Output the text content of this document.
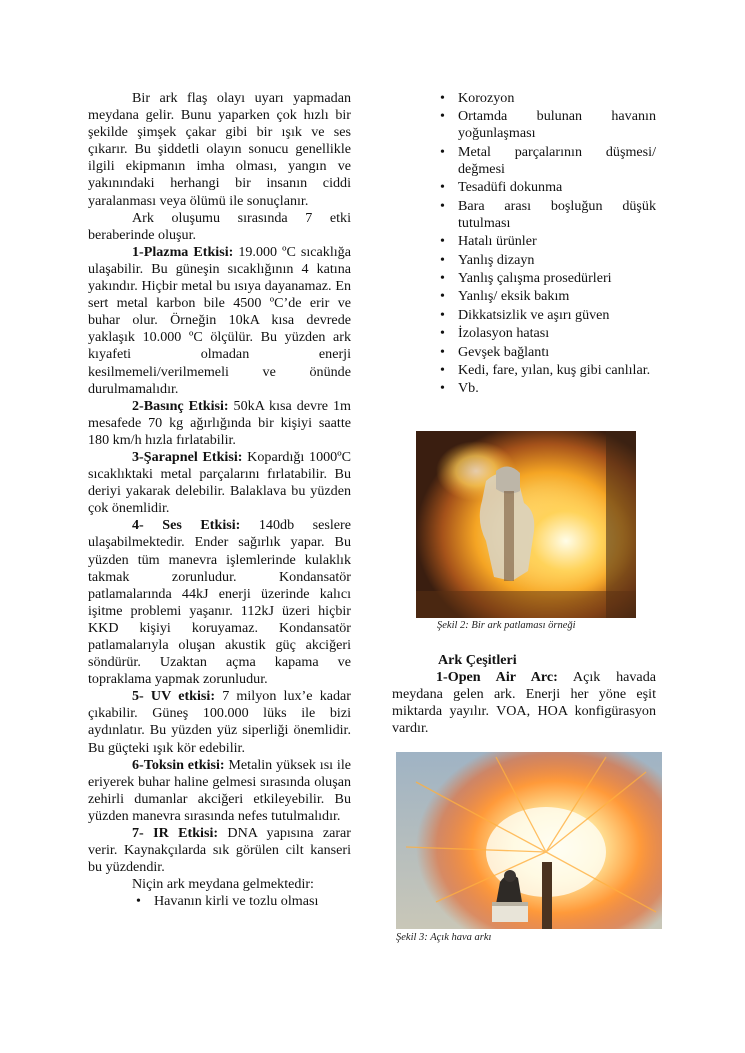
Bir ark flaş olayı uyarı yapmadan meydana gelir. Bunu yaparken çok hızlı bir şekilde şimşek çakar gibi bir ışık ve ses çıkarır. Bu şiddetli olayın sonucu genellikle ilgili ekipmanın imha olması, yangın ve yakınındaki herhangi bir insanın ciddi yaralanması veya ölümü ile sonuçlanır.

Ark oluşumu sırasında 7 etki beraberinde oluşur.

1-Plazma Etkisi: 19.000 ºC sıcaklığa ulaşabilir. Bu güneşin sıcaklığının 4 katına yakındır. Hiçbir metal bu ısıya dayanamaz. En sert metal karbon bile 4500 ºC’de erir ve buhar olur. Örneğin 10kA kısa devrede yaklaşık 10.000 ºC ölçülür. Bu yüzden ark kıyafeti olmadan enerji kesilmemeli/verilmemeli ve önünde durulmamalıdır.

2-Basınç Etkisi: 50kA kısa devre 1m mesafede 70 kg ağırlığında bir kişiyi saatte 180 km/h hızla fırlatabilir.

3-Şarapnel Etkisi: Kopardığı 1000ºC sıcaklıktaki metal parçalarını fırlatabilir. Bu deriyi yakarak delebilir. Balaklava bu yüzden çok önemlidir.

4- Ses Etkisi: 140db seslere ulaşabilmektedir. Ender sağırlık yapar. Bu yüzden tüm manevra işlemlerinde kulaklık takmak zorunludur. Kondansatör patlamalarında 44kJ enerji üzerinde kalıcı işitme problemi yaşanır. 112kJ üzeri hiçbir KKD kişiyi koruyamaz. Kondansatör patlamalarıyla oluşan akustik güç akciğeri söndürür. Uzaktan açma kapama ve topraklama yapmak zorunludur.

5- UV etkisi: 7 milyon lux’e kadar çıkabilir. Güneş 100.000 lüks ile bizi aydınlatır. Bu yüzden yüz siperliği önemlidir. Bu güçteki ışık kör edebilir.

6-Toksin etkisi: Metalin yüksek ısı ile eriyerek buhar haline gelmesi sırasında oluşan zehirli dumanlar akciğeri etkileyebilir. Bu yüzden manevra sırasında nefes tutulmalıdır.

7- IR Etkisi: DNA yapısına zarar verir. Kaynakçılarda sık görülen cilt kanseri bu yüzdendir.

Niçin ark meydana gelmektedir:

• Havanın kirli ve tozlu olması
• Korozyon
• Ortamda bulunan havanın yoğunlaşması
• Metal parçalarının düşmesi/ değmesi
• Tesadüfi dokunma
• Bara arası boşluğun düşük tutulması
• Hatalı ürünler
• Yanlış dizayn
• Yanlış çalışma prosedürleri
• Yanlış/ eksik bakım
• Dikkatsizlik ve aşırı güven
• İzolasyon hatası
• Gevşek bağlantı
• Kedi, fare, yılan, kuş gibi canlılar.
• Vb.
Şekil 2: Bir ark patlaması örneği

Ark Çeşitleri

1-Open Air Arc: Açık havada meydana gelen ark. Enerji her yöne eşit miktarda yayılır. VOA, HOA konfigürasyon vardır.

Şekil 3: Açık hava arkı
